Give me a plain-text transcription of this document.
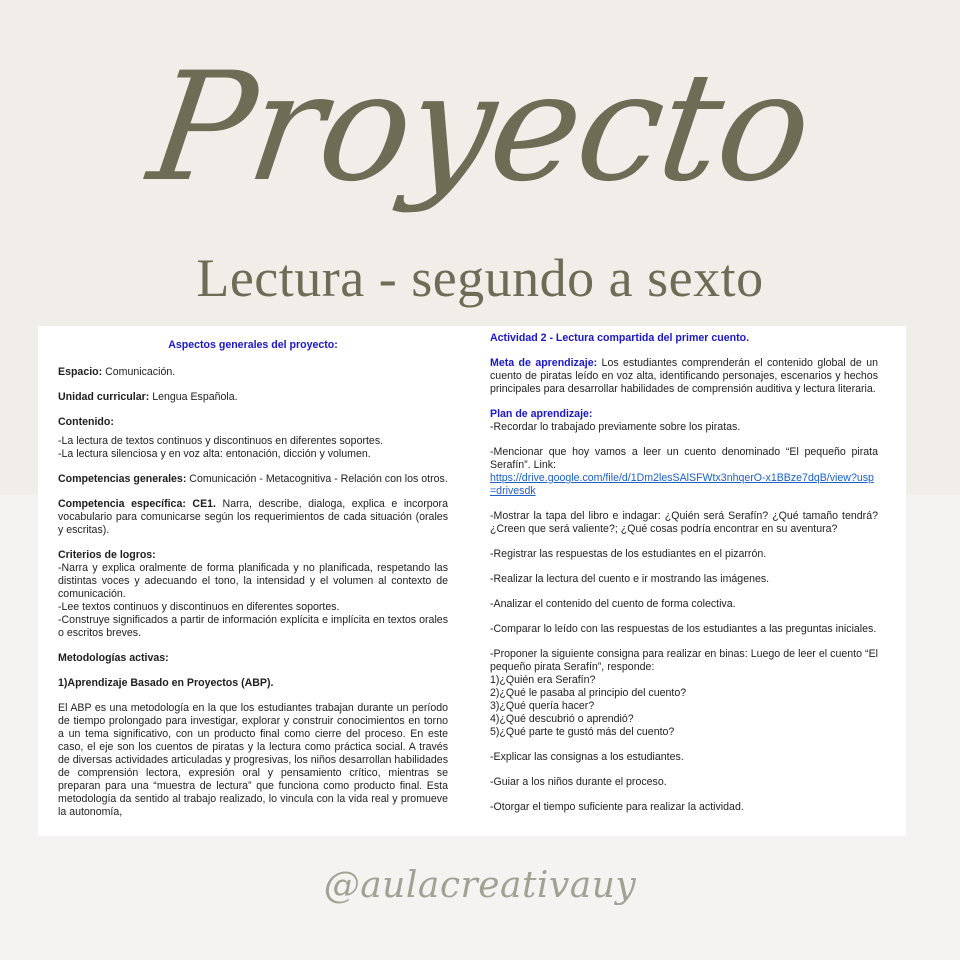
Proyecto
Lectura - segundo a sexto

Aspectos generales del proyecto:

Espacio: Comunicación.

Unidad curricular: Lengua Española.

Contenido:

-La lectura de textos continuos y discontinuos en diferentes soportes.

-La lectura silenciosa y en voz alta: entonación, dicción y volumen.

Competencias generales: Comunicación - Metacognitiva - Relación con los otros.

Competencia específica: CE1. Narra, describe, dialoga, explica e incorpora vocabulario para comunicarse según los requerimientos de cada situación (orales y escritas).

Criterios de logros:

-Narra y explica oralmente de forma planificada y no planificada, respetando las distintas voces y adecuando el tono, la intensidad y el volumen al contexto de comunicación.

-Lee textos continuos y discontinuos en diferentes soportes.

-Construye significados a partir de información explícita e implícita en textos orales o escritos breves.

Metodologías activas:

1)Aprendizaje Basado en Proyectos (ABP).

El ABP es una metodología en la que los estudiantes trabajan durante un período de tiempo prolongado para investigar, explorar y construir conocimientos en torno a un tema significativo, con un producto final como cierre del proceso. En este caso, el eje son los cuentos de piratas y la lectura como práctica social. A través de diversas actividades articuladas y progresivas, los niños desarrollan habilidades de comprensión lectora, expresión oral y pensamiento crítico, mientras se preparan para una “muestra de lectura” que funciona como producto final. Esta metodología da sentido al trabajo realizado, lo vincula con la vida real y promueve la autonomía,

Actividad 2 - Lectura compartida del primer cuento.

Meta de aprendizaje: Los estudiantes comprenderán el contenido global de un cuento de piratas leído en voz alta, identificando personajes, escenarios y hechos principales para desarrollar habilidades de comprensión auditiva y lectura literaria.

Plan de aprendizaje:

-Recordar lo trabajado previamente sobre los piratas.

-Mencionar que hoy vamos a leer un cuento denominado “El pequeño pirata Serafín”. Link:

https://drive.google.com/file/d/1Dm2lesSAlSFWtx3nhqerO-x1BBze7dqB/view?usp=drivesdk

-Mostrar la tapa del libro e indagar: ¿Quién será Serafín? ¿Qué tamaño tendrá? ¿Creen que será valiente?; ¿Qué cosas podría encontrar en su aventura?

-Registrar las respuestas de los estudiantes en el pizarrón.

-Realizar la lectura del cuento e ir mostrando las imágenes.

-Analizar el contenido del cuento de forma colectiva.

-Comparar lo leído con las respuestas de los estudiantes a las preguntas iniciales.

-Proponer la siguiente consigna para realizar en binas: Luego de leer el cuento “El pequeño pirata Serafín”, responde:

1)¿Quién era Serafín?

2)¿Qué le pasaba al principio del cuento?

3)¿Qué quería hacer?

4)¿Qué descubrió o aprendió?

5)¿Qué parte te gustó más del cuento?

-Explicar las consignas a los estudiantes.

-Guiar a los niños durante el proceso.

-Otorgar el tiempo suficiente para realizar la actividad.

@aulacreativauy
